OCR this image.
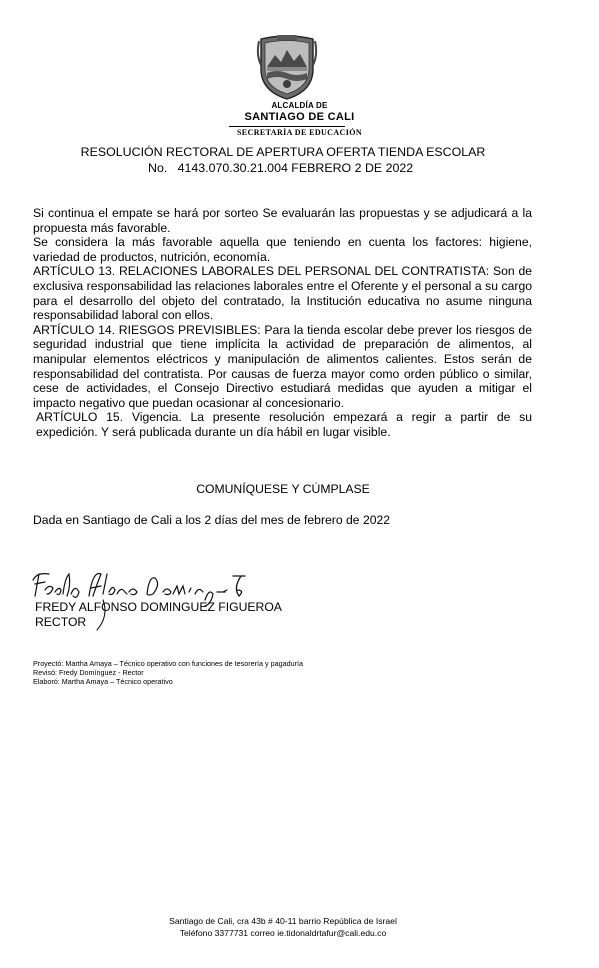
ALCALDÍA DE
SANTIAGO DE CALI
SECRETARÍA DE EDUCACIÓN
RESOLUCIÓN RECTORAL DE APERTURA OFERTA TIENDA ESCOLAR
No.   4143.070.30.21.004 FEBRERO 2 DE 2022

Si continua el empate se hará por sorteo Se evaluarán las propuestas y se adjudicará a la propuesta más favorable.

Se considera la más favorable aquella que teniendo en cuenta los factores: higiene, variedad de productos, nutrición, economía.

ARTÍCULO 13. RELACIONES LABORALES DEL PERSONAL DEL CONTRATISTA: Son de exclusiva responsabilidad las relaciones laborales entre el Oferente y el personal a su cargo para el desarrollo del objeto del contratado, la Institución educativa no asume ninguna responsabilidad laboral con ellos.

ARTÍCULO 14. RIESGOS PREVISIBLES: Para la tienda escolar debe prever los riesgos de seguridad industrial que tiene implícita la actividad de preparación de alimentos, al manipular elementos eléctricos y manipulación de alimentos calientes. Estos serán de responsabilidad del contratista. Por causas de fuerza mayor como orden público o similar, cese de actividades, el Consejo Directivo estudiará medidas que ayuden a mitigar el impacto negativo que puedan ocasionar al concesionario.

ARTÍCULO 15. Vigencia. La presente resolución empezará a regir a partir de su expedición. Y será publicada durante un día hábil en lugar visible.

COMUNÍQUESE Y CÚMPLASE
Dada en Santiago de Cali a los 2 días del mes de febrero de 2022
FREDY ALFONSO DOMINGUEZ FIGUEROA
RECTOR
Proyectó: Martha Amaya – Técnico operativo con funciones de tesorería y pagaduría
Revisó: Fredy Domínguez - Rector
Elaboró: Martha Amaya – Técnico operativo
Santiago de Cali, cra 43b # 40-11 barrio República de Israel
Teléfono 3377731 correo ie.tidonaldrtafur@cali.edu.co
